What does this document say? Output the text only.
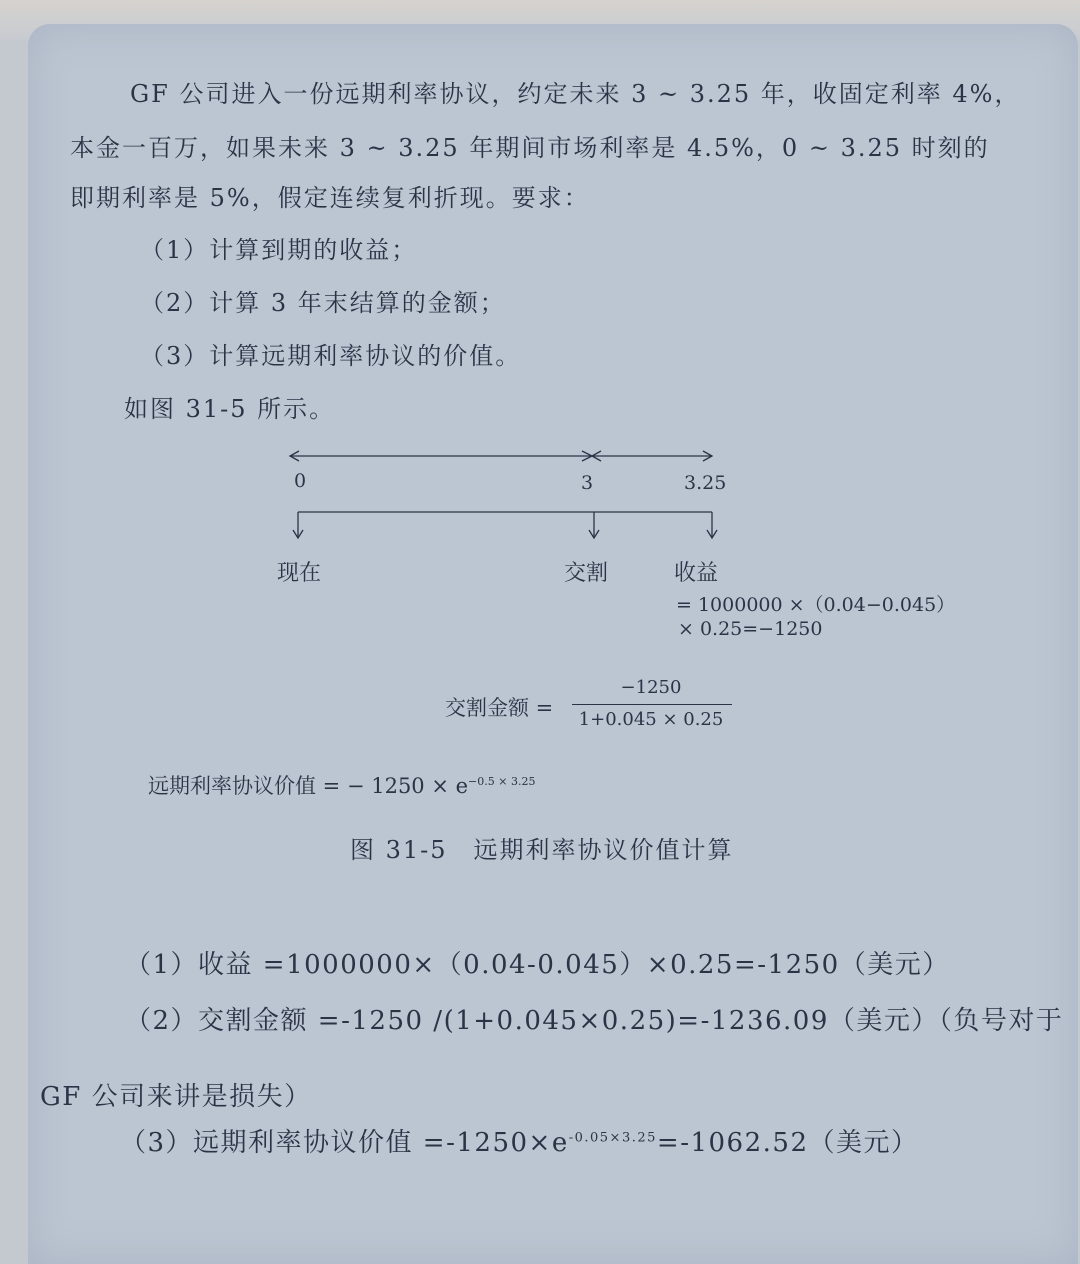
GF 公司进入一份远期利率协议，约定未来 3 ~ 3.25 年，收固定利率 4%，
本金一百万，如果未来 3 ~ 3.25 年期间市场利率是 4.5%，0 ~ 3.25 时刻的
即期利率是 5%，假定连续复利折现。要求：
（1）计算到期的收益；
（2）计算 3 年末结算的金额；
（3）计算远期利率协议的价值。
如图 31-5 所示。
0	3	3.25
现在	交割	收益
= 1000000 ×（0.04−0.045）
× 0.25=−1250
交割金额 =
−1250
1+0.045 × 0.25
远期利率协议价值 = − $1250 \times e^{-0.5 \times 3.25}$
图 31-5　远期利率协议价值计算
（1）收益 =1000000×（0.04-0.045）×0.25=-1250（美元）
（2）交割金额 =-1250 /(1+0.045×0.25)=-1236.09（美元）（负号对于
GF 公司来讲是损失）
（3）远期利率协议价值 $=-1250\times e^{-0.05\times 3.25}=-1062.52$（美元）
